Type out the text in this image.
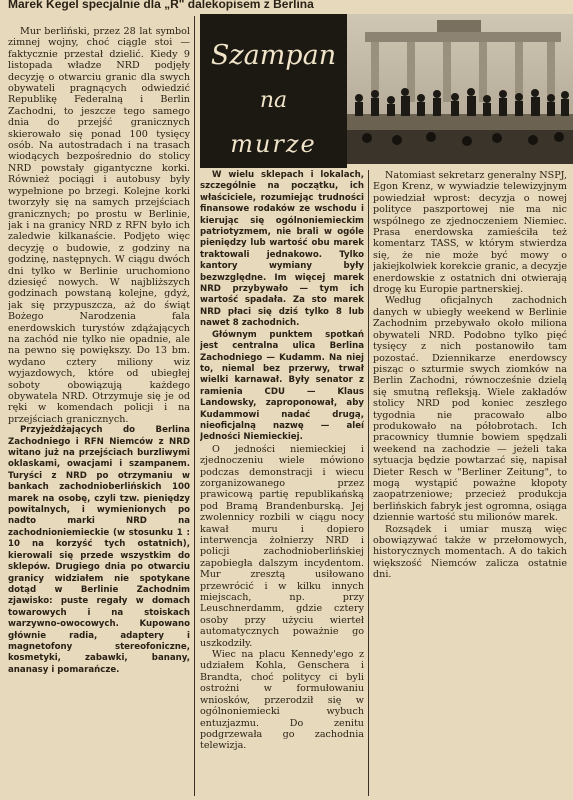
Marek Kegel specjalnie dla „R" dalekopisem z Berlina

Mur berliński, przez 28 lat symbol zimnej wojny, choć ciągle stoi — faktycznie przestał dzielić. Kiedy 9 listopada władze NRD podjęły decyzję o otwarciu granic dla swych obywateli pragnących odwiedzić Republikę Federalną i Berlin Zachodni, to jeszcze tego samego dnia do przejść granicznych skierowało się ponad 100 tysięcy osób. Na autostradach i na trasach wiodących bezpośrednio do stolicy NRD powstały gigantyczne korki. Również pociągi i autobusy były wypełnione po brzegi. Kolejne korki tworzyły się na samych przejściach granicznych; po prostu w Berlinie, jak i na granicy NRD z RFN było ich zaledwie kilkanaście. Podjęto więc decyzję o budowie, z godziny na godzinę, następnych. W ciągu dwóch dni tylko w Berlinie uruchomiono dziesięć nowych. W najbliższych godzinach powstaną kolejne, gdyż, jak się przypuszcza, aż do świąt Bożego Narodzenia fala enerdowskich turystów zdążających na zachód nie tylko nie opadnie, ale na pewno się powiększy. Do 13 bm. wydano cztery miliony wiz wyjazdowych, które od ubiegłej soboty obowiązują każdego obywatela NRD. Otrzymuje się je od ręki w komendach policji i na przejściach granicznych.

Przyjeżdżających do Berlina Zachodniego i RFN Niemców z NRD witano już na przejściach burzliwymi oklaskami, owacjami i szampanem. Turyści z NRD po otrzymaniu w bankach zachodnioberlińskich 100 marek na osobę, czyli tzw. pieniędzy powitalnych, i wymienionych po nadto marki NRD na zachodnioniemieckie (w stosunku 1 : 10 na korzyść tych ostatnich), kierowali się przede wszystkim do sklepów. Drugiego dnia po otwarciu granicy widziałem nie spotykane dotąd w Berlinie Zachodnim zjawisko: puste regały w domach towarowych i na stoiskach warzywno-owocowych. Kupowano głównie radia, adaptery i magnetofony stereofoniczne, kosmetyki, zabawki, banany, ananasy i pomarańcze.

Szampan
na
murze

W wielu sklepach i lokalach, szczególnie na początku, ich właściciele, rozumiejąc trudności finansowe rodaków ze wschodu i kierując się ogólnoniemieckim patriotyzmem, nie brali w ogóle pieniędzy lub wartość obu marek traktowali jednakowo. Tylko kantory wymiany były bezwzględne. Im więcej marek NRD przybywało — tym ich wartość spadała. Za sto marek NRD płaci się dziś tylko 8 lub nawet 8 zachodnich.

Głównym punktem spotkań jest centralna ulica Berlina Zachodniego — Kudamm. Na niej to, niemal bez przerwy, trwał wielki karnawał. Były senator z ramienia CDU — Klaus Landowsky, zaproponował, aby Kudammowi nadać drugą, nieoficjalną nazwę — aleí Jedności Niemieckiej.

O jedności niemieckiej i zjednoczeniu wiele mówiono podczas demonstracji i wiecu zorganizowanego przez prawicową partię republikańską pod Bramą Brandenburską. Jej zwolennicy rozbili w ciągu nocy kawał muru i dopiero interwencja żołnierzy NRD i policji zachodnioberlińskiej zapobiegła dalszym incydentom. Mur zresztą usiłowano przewrócić i w kilku innych miejscach, np. przy Leuschnerdamm, gdzie cztery osoby przy użyciu wierteł automatycznych poważnie go uszkodziły.

Wiec na placu Kennedy'ego z udziałem Kohla, Genschera i Brandta, choć politycy ci byli ostrożni w formułowaniu wniosków, przerodził się w ogólnoniemiecki wybuch entuzjazmu. Do zenitu podgrzewała go zachodnia telewizja.

Natomiast sekretarz generalny NSPJ, Egon Krenz, w wywiadzie telewizyjnym powiedział wprost: decyzja o nowej polityce paszportowej nie ma nic wspólnego ze zjednoczeniem Niemiec. Prasa enerdowska zamieściła też komentarz TASS, w którym stwierdza się, że nie może być mowy o jakiejkolwiek korekcie granic, a decyzje enerdowskie z ostatnich dni otwierają drogę ku Europie partnerskiej.

Według oficjalnych zachodnich danych w ubiegły weekend w Berlinie Zachodnim przebywało około miliona obywateli NRD. Podobno tylko pięć tysięcy z nich postanowiło tam pozostać. Dziennikarze enerdowscy pisząc o szturmie swych ziomków na Berlin Zachodni, równocześnie dzielą się smutną refleksją. Wiele zakładów stolicy NRD pod koniec zeszłego tygodnia nie pracowało albo produkowało na półobrotach. Ich pracownicy tłumnie bowiem spędzali weekend na zachodzie — jeżeli taka sytuacja będzie powtarzać się, napisał Dieter Resch w "Berliner Zeitung", to mogą wystąpić poważne kłopoty zaopatrzeniowe; przecież produkcja berlińskich fabryk jest ogromna, osiąga dziennie wartość stu milionów marek.

Rozsądek i umiar muszą więc obowiązywać także w przełomowych, historycznych momentach. A do takich większość Niemców zalicza ostatnie dni.
